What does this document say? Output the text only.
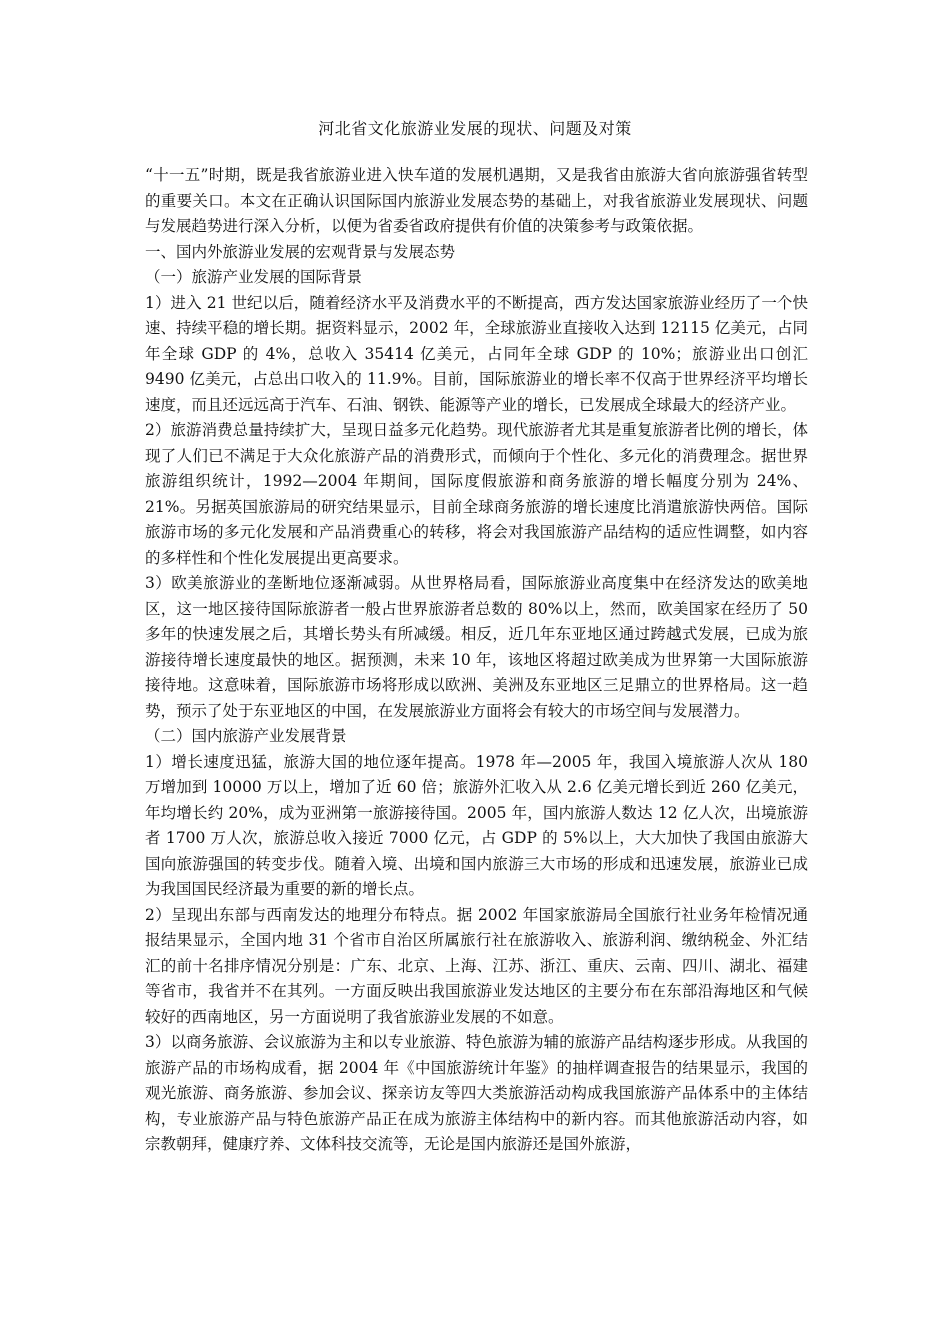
河北省文化旅游业发展的现状、问题及对策

“十一五”时期，既是我省旅游业进入快车道的发展机遇期，又是我省由旅游大省向旅游强省转型的重要关口。本文在正确认识国际国内旅游业发展态势的基础上，对我省旅游业发展现状、问题与发展趋势进行深入分析，以便为省委省政府提供有价值的决策参考与政策依据。

一、国内外旅游业发展的宏观背景与发展态势

（一）旅游产业发展的国际背景

1）进入 21 世纪以后，随着经济水平及消费水平的不断提高，西方发达国家旅游业经历了一个快速、持续平稳的增长期。据资料显示，2002 年，全球旅游业直接收入达到 12115 亿美元，占同年全球 GDP 的 4%，总收入 35414 亿美元，占同年全球 GDP 的 10%；旅游业出口创汇 9490 亿美元，占总出口收入的 11.9%。目前，国际旅游业的增长率不仅高于世界经济平均增长速度，而且还远远高于汽车、石油、钢铁、能源等产业的增长，已发展成全球最大的经济产业。

2）旅游消费总量持续扩大，呈现日益多元化趋势。现代旅游者尤其是重复旅游者比例的增长，体现了人们已不满足于大众化旅游产品的消费形式，而倾向于个性化、多元化的消费理念。据世界旅游组织统计，1992—2004 年期间，国际度假旅游和商务旅游的增长幅度分别为 24%、21%。另据英国旅游局的研究结果显示，目前全球商务旅游的增长速度比消遣旅游快两倍。国际旅游市场的多元化发展和产品消费重心的转移，将会对我国旅游产品结构的适应性调整，如内容的多样性和个性化发展提出更高要求。

3）欧美旅游业的垄断地位逐渐减弱。从世界格局看，国际旅游业高度集中在经济发达的欧美地区，这一地区接待国际旅游者一般占世界旅游者总数的 80%以上，然而，欧美国家在经历了 50 多年的快速发展之后，其增长势头有所减缓。相反，近几年东亚地区通过跨越式发展，已成为旅游接待增长速度最快的地区。据预测，未来 10 年，该地区将超过欧美成为世界第一大国际旅游接待地。这意味着，国际旅游市场将形成以欧洲、美洲及东亚地区三足鼎立的世界格局。这一趋势，预示了处于东亚地区的中国，在发展旅游业方面将会有较大的市场空间与发展潜力。

（二）国内旅游产业发展背景

1）增长速度迅猛，旅游大国的地位逐年提高。1978 年—2005 年，我国入境旅游人次从 180 万增加到 10000 万以上，增加了近 60 倍；旅游外汇收入从 2.6 亿美元增长到近 260 亿美元，年均增长约 20%，成为亚洲第一旅游接待国。2005 年，国内旅游人数达 12 亿人次，出境旅游者 1700 万人次，旅游总收入接近 7000 亿元，占 GDP 的 5%以上，大大加快了我国由旅游大国向旅游强国的转变步伐。随着入境、出境和国内旅游三大市场的形成和迅速发展，旅游业已成为我国国民经济最为重要的新的增长点。

2）呈现出东部与西南发达的地理分布特点。据 2002 年国家旅游局全国旅行社业务年检情况通报结果显示，全国内地 31 个省市自治区所属旅行社在旅游收入、旅游利润、缴纳税金、外汇结汇的前十名排序情况分别是：广东、北京、上海、江苏、浙江、重庆、云南、四川、湖北、福建等省市，我省并不在其列。一方面反映出我国旅游业发达地区的主要分布在东部沿海地区和气候较好的西南地区，另一方面说明了我省旅游业发展的不如意。

3）以商务旅游、会议旅游为主和以专业旅游、特色旅游为辅的旅游产品结构逐步形成。从我国的旅游产品的市场构成看，据 2004 年《中国旅游统计年鉴》的抽样调查报告的结果显示，我国的观光旅游、商务旅游、参加会议、探亲访友等四大类旅游活动构成我国旅游产品体系中的主体结构，专业旅游产品与特色旅游产品正在成为旅游主体结构中的新内容。而其他旅游活动内容，如宗教朝拜，健康疗养、文体科技交流等，无论是国内旅游还是国外旅游，
